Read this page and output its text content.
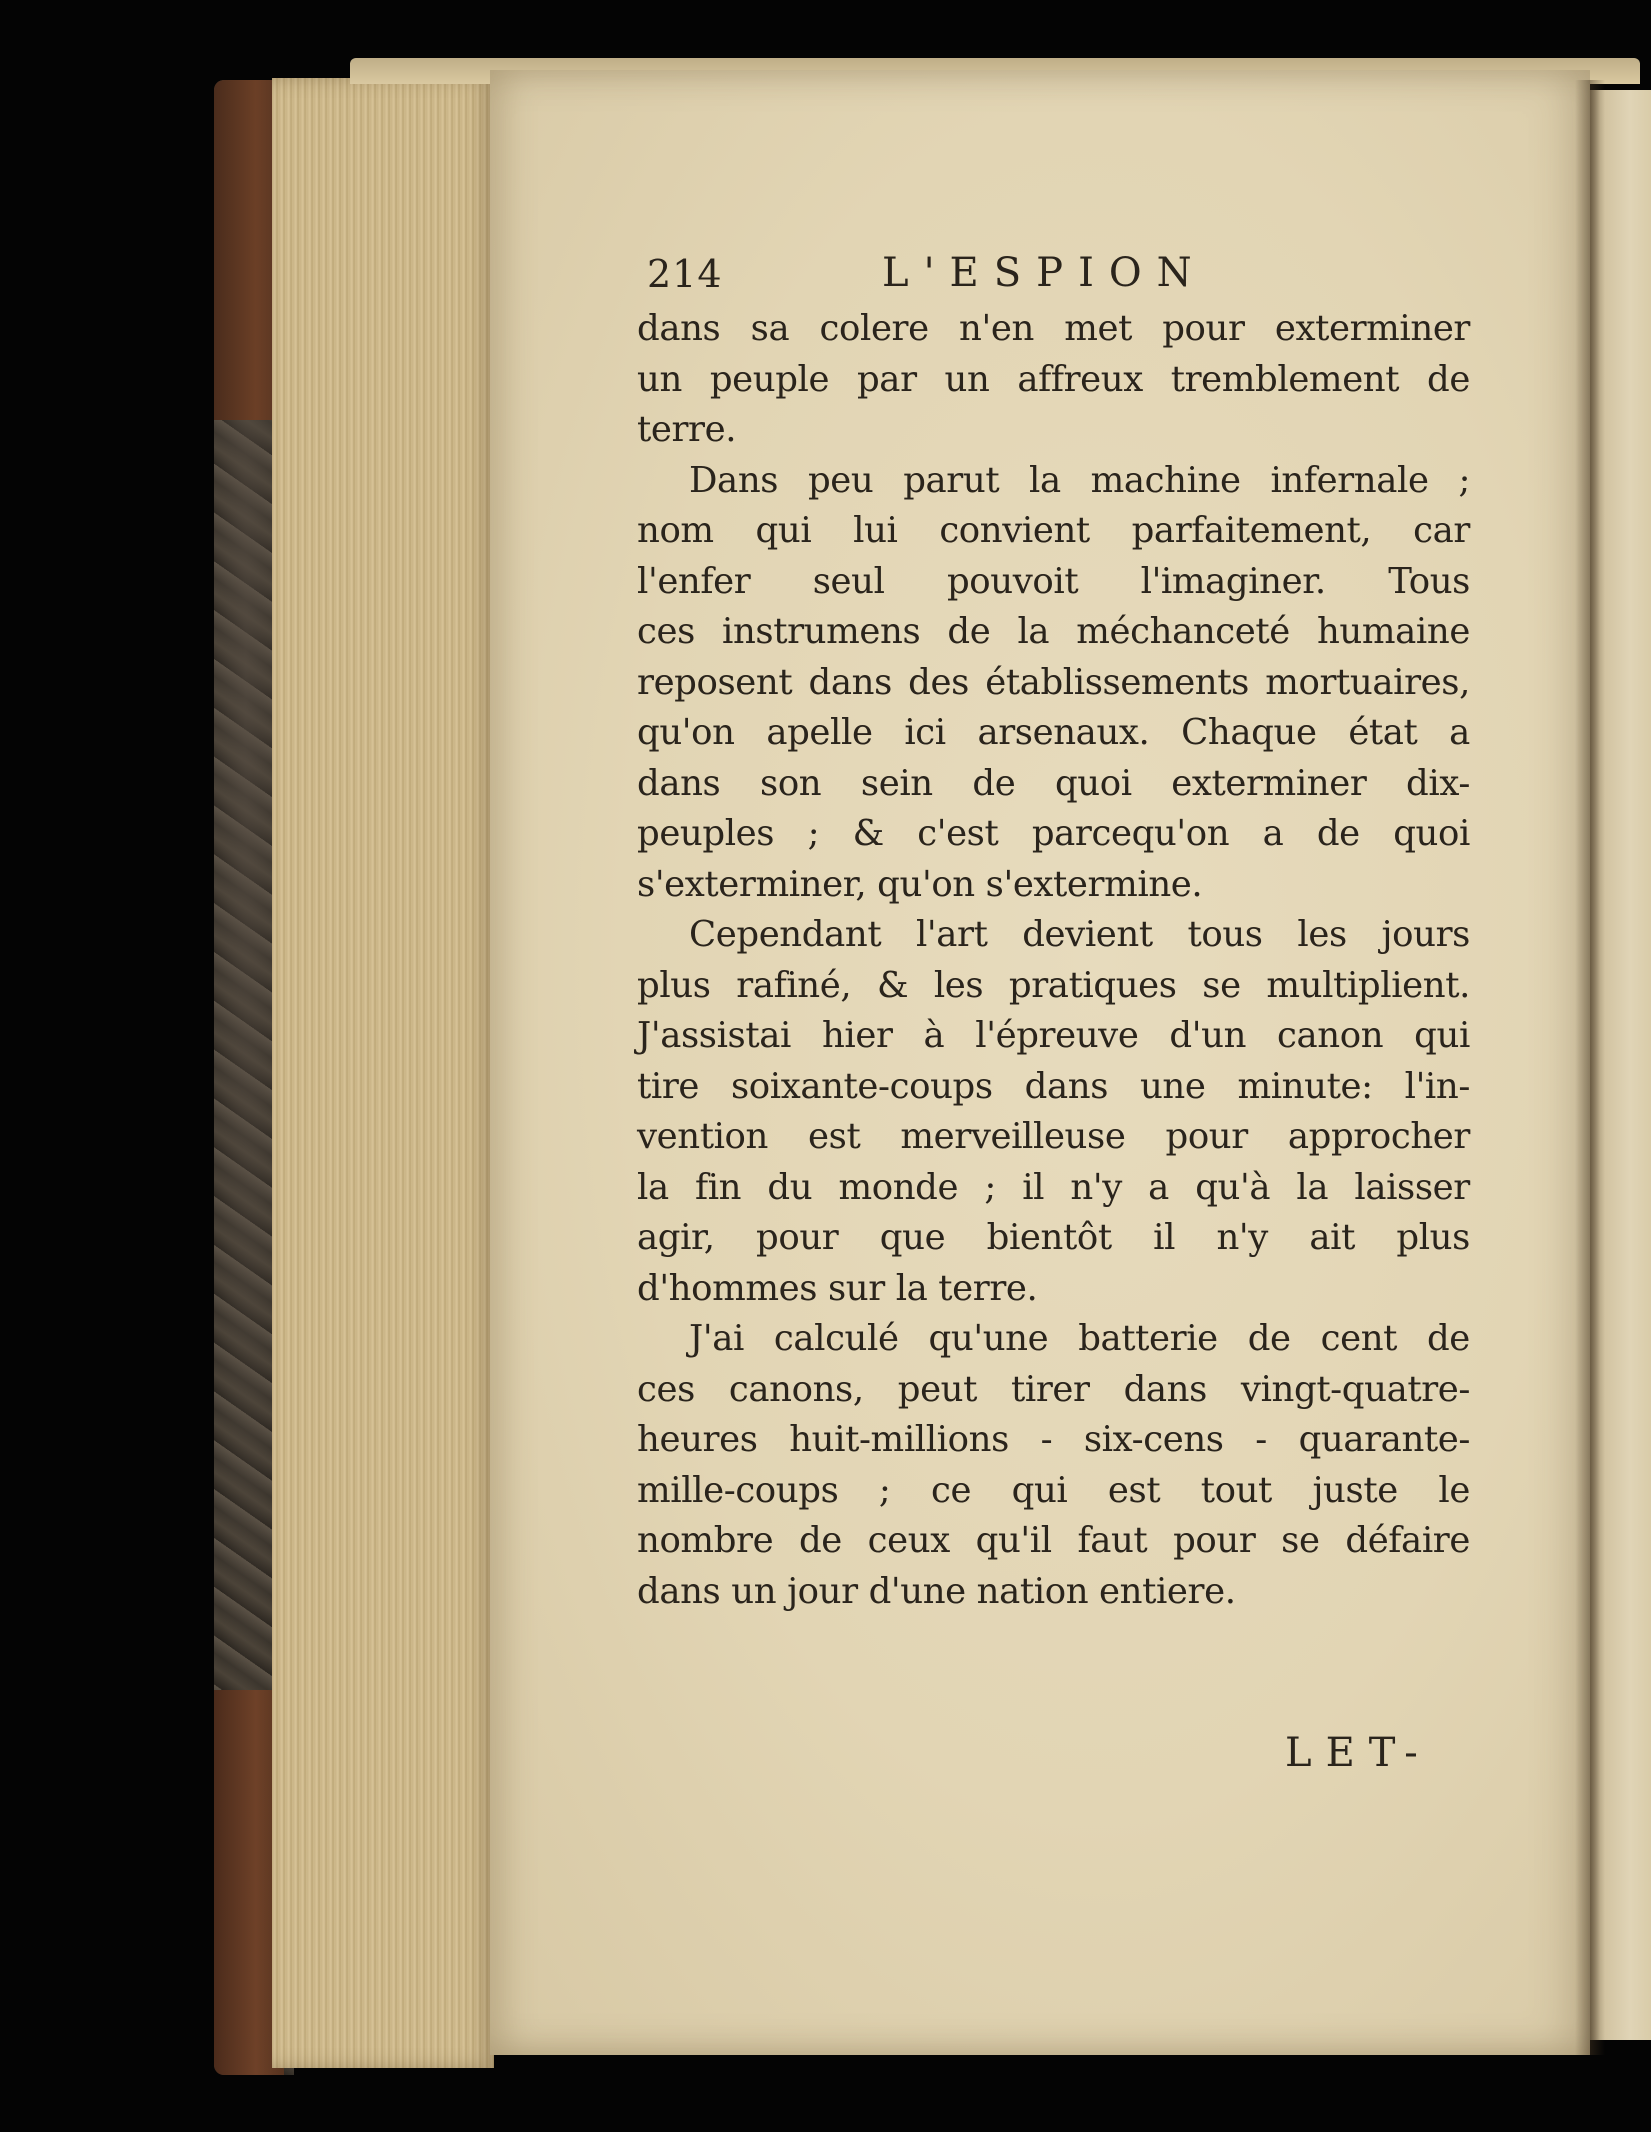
214	L'ESPION
dans sa colere n'en met pour exterminer
un peuple par un affreux tremblement de
terre.
Dans peu parut la machine infernale ;
nom qui lui convient parfaitement, car
l'enfer seul pouvoit l'imaginer. Tous
ces instrumens de la méchanceté humaine
reposent dans des établissements mortuaires,
qu'on apelle ici arsenaux. Chaque état a
dans son sein de quoi exterminer dix-
peuples ; & c'est parcequ'on a de quoi
s'exterminer, qu'on s'extermine.
Cependant l'art devient tous les jours
plus rafiné, & les pratiques se multiplient.
J'assistai hier à l'épreuve d'un canon qui
tire soixante-coups dans une minute: l'in-
vention est merveilleuse pour approcher
la fin du monde ; il n'y a qu'à la laisser
agir, pour que bientôt il n'y ait plus
d'hommes sur la terre.
J'ai calculé qu'une batterie de cent de
ces canons, peut tirer dans vingt-quatre-
heures huit-millions - six-cens - quarante-
mille-coups ; ce qui est tout juste le
nombre de ceux qu'il faut pour se défaire
dans un jour d'une nation entiere.
LET-
